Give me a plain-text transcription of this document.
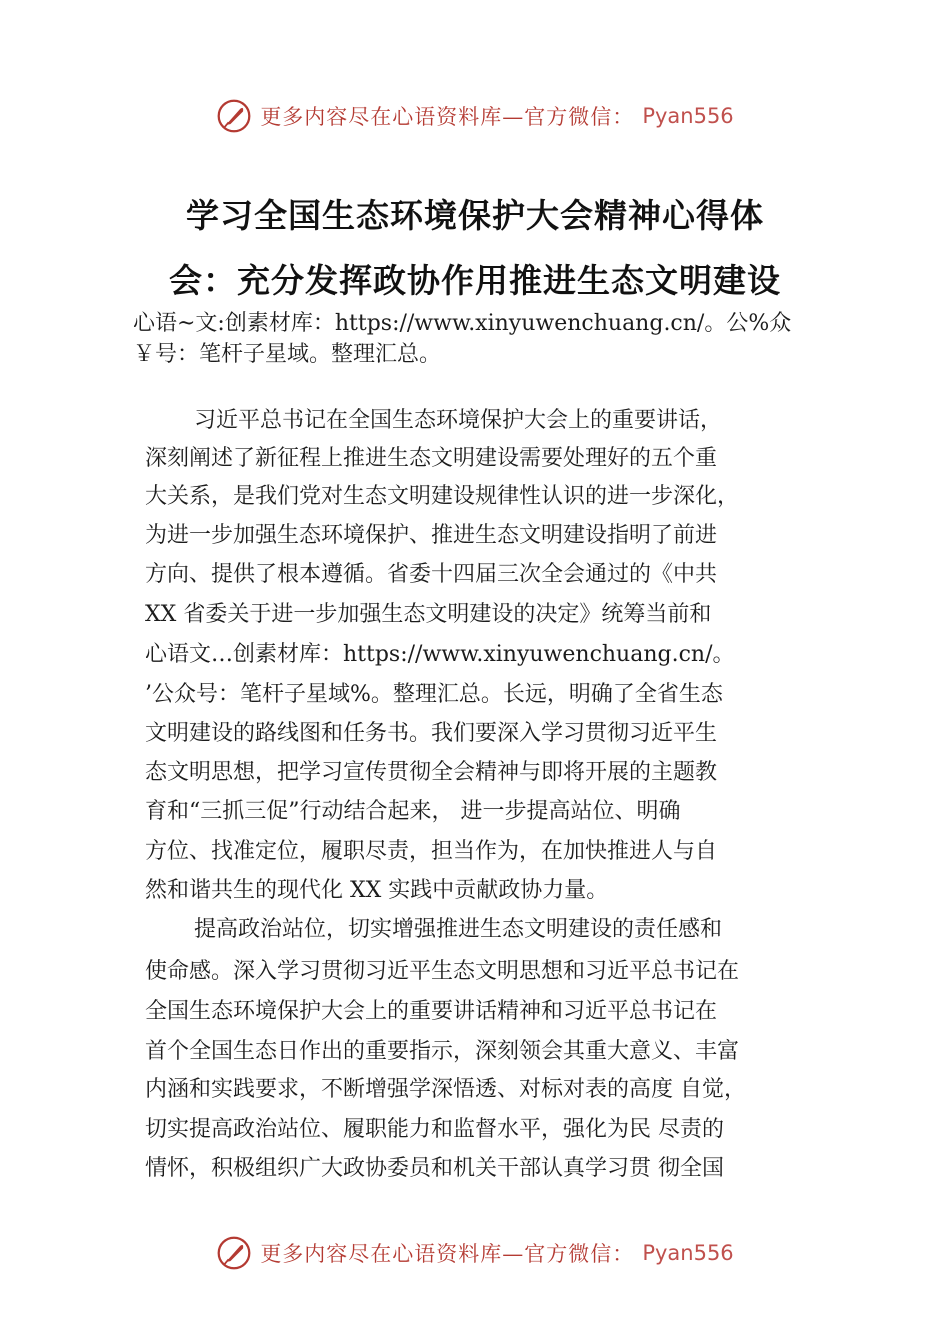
更多内容尽在心语资料库—官方微信： Pyan556
学习全国生态环境保护大会精神心得体
会：充分发挥政协作用推进生态文明建设
心语~文:创素材库：https://www.xinyuwenchuang.cn/。公%众
￥号：笔杆子星域。整理汇总。
习近平总书记在全国生态环境保护大会上的重要讲话，
深刻阐述了新征程上推进生态文明建设需要处理好的五个重
大关系，是我们党对生态文明建设规律性认识的进一步深化，
为进一步加强生态环境保护、推进生态文明建设指明了前进
方向、提供了根本遵循。省委十四届三次全会通过的《中共
XX 省委关于进一步加强生态文明建设的决定》统筹当前和
心语文…创素材库：https://www.xinyuwenchuang.cn/。
’公众号：笔杆子星域%。整理汇总。长远，明确了全省生态
文明建设的路线图和任务书。我们要深入学习贯彻习近平生
态文明思想，把学习宣传贯彻全会精神与即将开展的主题教
育和“三抓三促”行动结合起来， 进一步提高站位、明确
方位、找准定位，履职尽责，担当作为，在加快推进人与自
然和谐共生的现代化 XX 实践中贡献政协力量。
提高政治站位，切实增强推进生态文明建设的责任感和
使命感。深入学习贯彻习近平生态文明思想和习近平总书记在
全国生态环境保护大会上的重要讲话精神和习近平总书记在
首个全国生态日作出的重要指示，深刻领会其重大意义、丰富
内涵和实践要求，不断增强学深悟透、对标对表的高度 自觉，
切实提高政治站位、履职能力和监督水平，强化为民 尽责的
情怀，积极组织广大政协委员和机关干部认真学习贯 彻全国
更多内容尽在心语资料库—官方微信： Pyan556
